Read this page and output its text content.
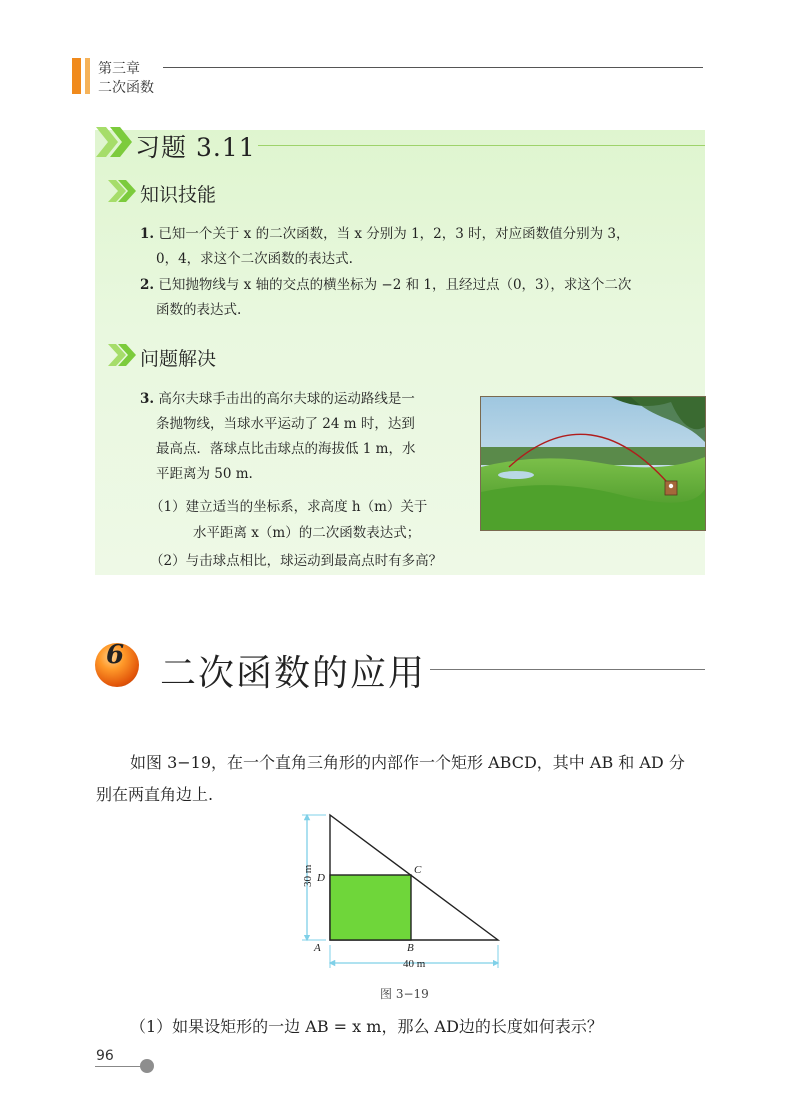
第三章
二次函数
习题 3.11
知识技能
1. 已知一个关于 x 的二次函数，当 x 分别为 1，2，3 时，对应函数值分别为 3，
0，4，求这个二次函数的表达式.
2. 已知抛物线与 x 轴的交点的横坐标为 −2 和 1，且经过点（0，3），求这个二次
函数的表达式.
问题解决
3. 高尔夫球手击出的高尔夫球的运动路线是一
条抛物线，当球水平运动了 24 m 时，达到
最高点．落球点比击球点的海拔低 1 m，水
平距离为 50 m.
（1）建立适当的坐标系，求高度 h（m）关于
水平距离 x（m）的二次函数表达式；
（2）与击球点相比，球运动到最高点时有多高？
6 二次函数的应用
如图 3−19，在一个直角三角形的内部作一个矩形 ABCD，其中 AB 和 AD 分
别在两直角边上.
A	B
C
D
30 m
40 m
图 3−19
（1）如果设矩形的一边 AB = x m，那么 AD边的长度如何表示？
96
